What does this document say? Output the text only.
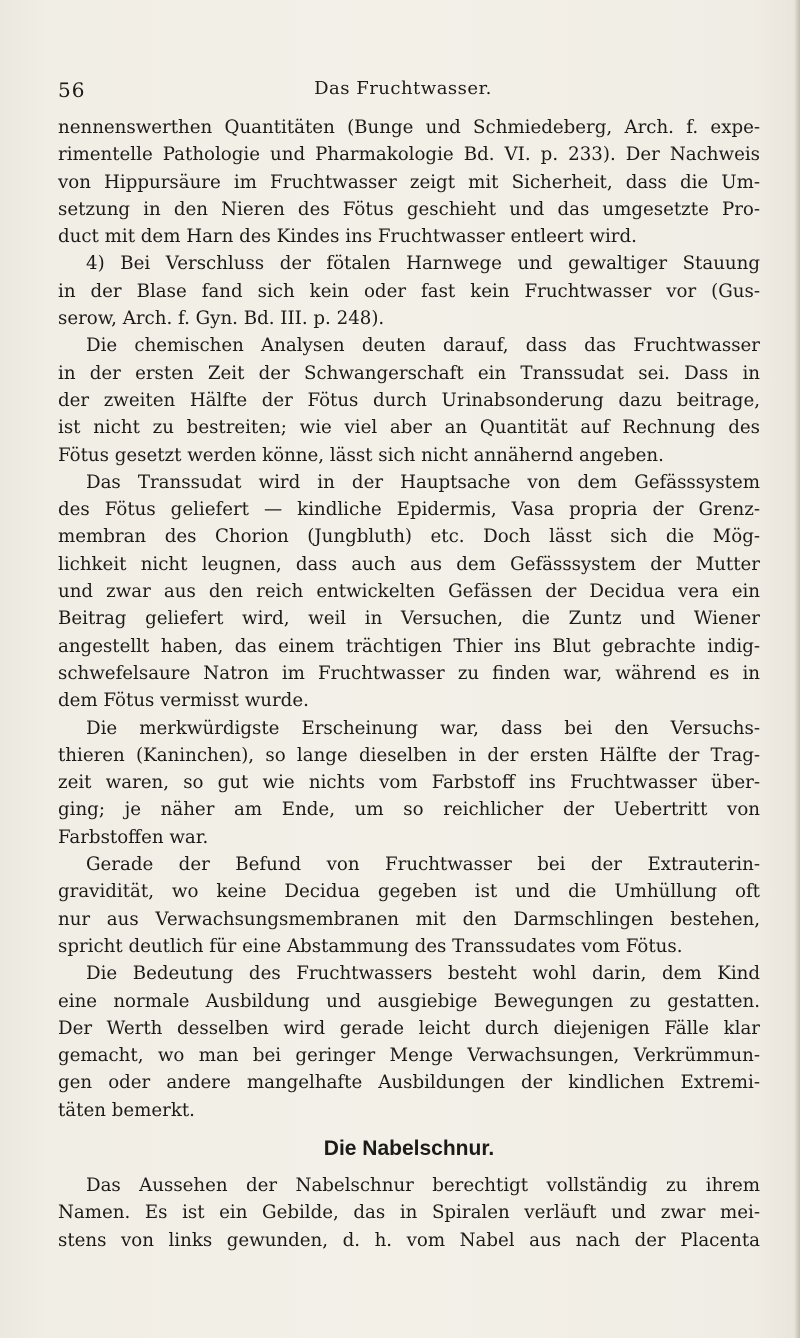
56	Das Fruchtwasser.
nennenswerthen Quantitäten (Bunge und Schmiedeberg, Arch. f. expe-
rimentelle Pathologie und Pharmakologie Bd. VI. p. 233). Der Nachweis
von Hippursäure im Fruchtwasser zeigt mit Sicherheit, dass die Um-
setzung in den Nieren des Fötus geschieht und das umgesetzte Pro-
duct mit dem Harn des Kindes ins Fruchtwasser entleert wird.
4) Bei Verschluss der fötalen Harnwege und gewaltiger Stauung
in der Blase fand sich kein oder fast kein Fruchtwasser vor (Gus-
serow, Arch. f. Gyn. Bd. III. p. 248).
Die chemischen Analysen deuten darauf, dass das Fruchtwasser
in der ersten Zeit der Schwangerschaft ein Transsudat sei. Dass in
der zweiten Hälfte der Fötus durch Urinabsonderung dazu beitrage,
ist nicht zu bestreiten; wie viel aber an Quantität auf Rechnung des
Fötus gesetzt werden könne, lässt sich nicht annähernd angeben.
Das Transsudat wird in der Hauptsache von dem Gefässsystem
des Fötus geliefert — kindliche Epidermis, Vasa propria der Grenz-
membran des Chorion (Jungbluth) etc. Doch lässt sich die Mög-
lichkeit nicht leugnen, dass auch aus dem Gefässsystem der Mutter
und zwar aus den reich entwickelten Gefässen der Decidua vera ein
Beitrag geliefert wird, weil in Versuchen, die Zuntz und Wiener
angestellt haben, das einem trächtigen Thier ins Blut gebrachte indig-
schwefelsaure Natron im Fruchtwasser zu finden war, während es in
dem Fötus vermisst wurde.
Die merkwürdigste Erscheinung war, dass bei den Versuchs-
thieren (Kaninchen), so lange dieselben in der ersten Hälfte der Trag-
zeit waren, so gut wie nichts vom Farbstoff ins Fruchtwasser über-
ging; je näher am Ende, um so reichlicher der Uebertritt von
Farbstoffen war.
Gerade der Befund von Fruchtwasser bei der Extrauterin-
gravidität, wo keine Decidua gegeben ist und die Umhüllung oft
nur aus Verwachsungsmembranen mit den Darmschlingen bestehen,
spricht deutlich für eine Abstammung des Transsudates vom Fötus.
Die Bedeutung des Fruchtwassers besteht wohl darin, dem Kind
eine normale Ausbildung und ausgiebige Bewegungen zu gestatten.
Der Werth desselben wird gerade leicht durch diejenigen Fälle klar
gemacht, wo man bei geringer Menge Verwachsungen, Verkrümmun-
gen oder andere mangelhafte Ausbildungen der kindlichen Extremi-
täten bemerkt.
Die Nabelschnur.
Das Aussehen der Nabelschnur berechtigt vollständig zu ihrem
Namen. Es ist ein Gebilde, das in Spiralen verläuft und zwar mei-
stens von links gewunden, d. h. vom Nabel aus nach der Placenta
